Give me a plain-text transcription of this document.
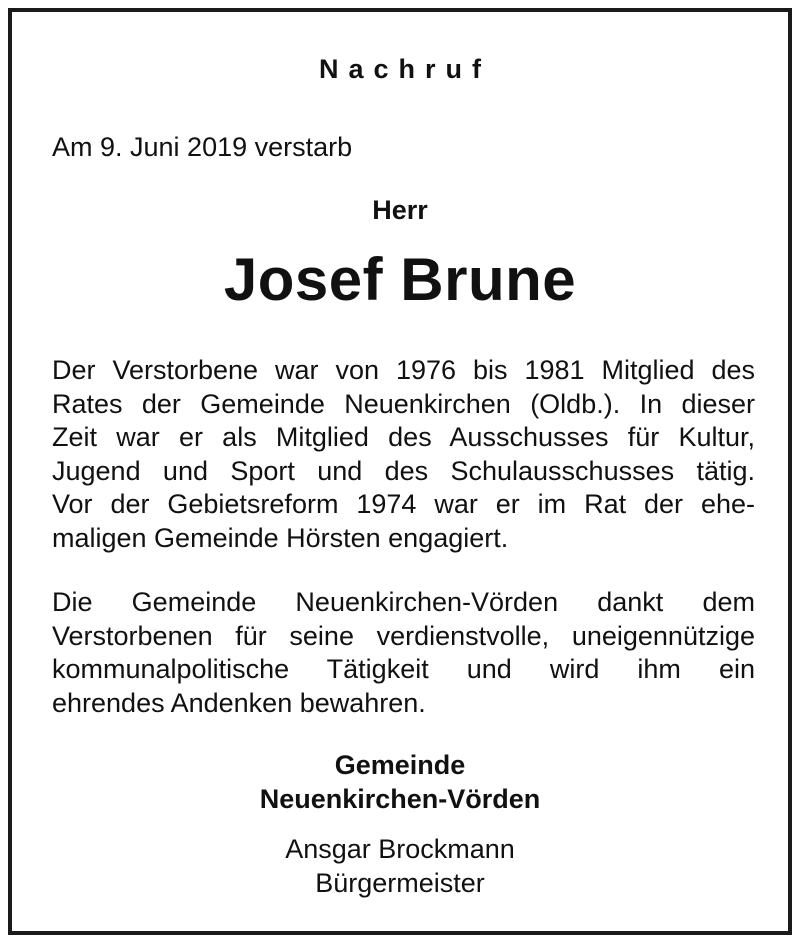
Nachruf
Am 9. Juni 2019 verstarb
Herr
Josef Brune
Der Verstorbene war von 1976 bis 1981 Mitglied des
Rates der Gemeinde Neuenkirchen (Oldb.). In dieser
Zeit war er als Mitglied des Ausschusses für Kultur,
Jugend und Sport und des Schulausschusses tätig.
Vor der Gebietsreform 1974 war er im Rat der ehe-
maligen Gemeinde Hörsten engagiert.
Die Gemeinde Neuenkirchen-Vörden dankt dem
Verstorbenen für seine verdienstvolle, uneigennützige
kommunalpolitische Tätigkeit und wird ihm ein
ehrendes Andenken bewahren.
Gemeinde
Neuenkirchen-Vörden
Ansgar Brockmann
Bürgermeister
